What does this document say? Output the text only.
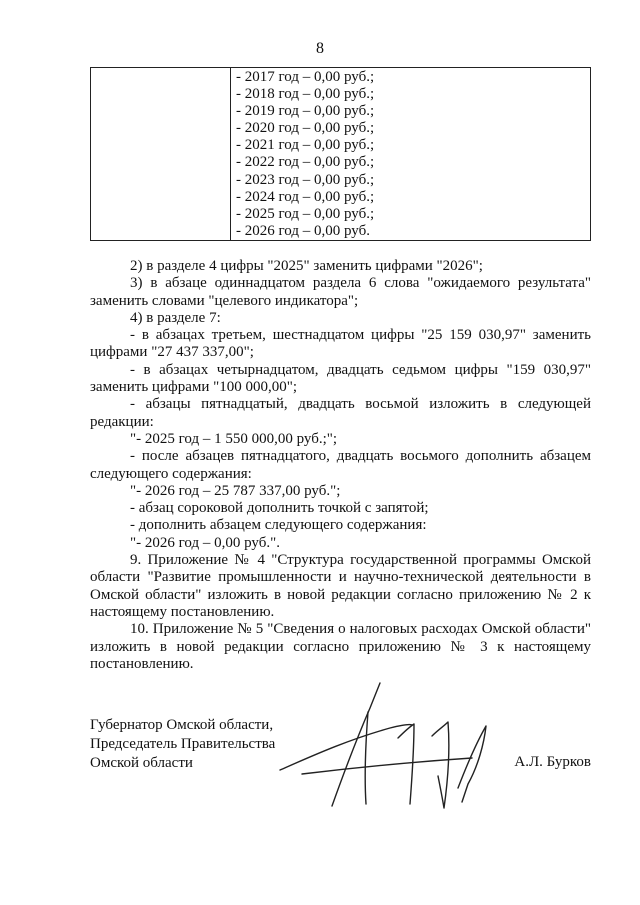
8
- 2017 год – 0,00 руб.;
- 2018 год – 0,00 руб.;
- 2019 год – 0,00 руб.;
- 2020 год – 0,00 руб.;
- 2021 год – 0,00 руб.;
- 2022 год – 0,00 руб.;
- 2023 год – 0,00 руб.;
- 2024 год – 0,00 руб.;
- 2025 год – 0,00 руб.;
- 2026 год – 0,00 руб.

2) в разделе 4 цифры "2025" заменить цифрами "2026";

3) в абзаце одиннадцатом раздела 6 слова "ожидаемого результата" заменить словами "целевого индикатора";

4) в разделе 7:

- в абзацах третьем, шестнадцатом цифры "25 159 030,97" заменить цифрами "27 437 337,00";

- в абзацах четырнадцатом, двадцать седьмом цифры "159 030,97" заменить цифрами "100 000,00";

- абзацы пятнадцатый, двадцать восьмой изложить в следующей редакции:

"- 2025 год – 1 550 000,00 руб.;";

- после абзацев пятнадцатого, двадцать восьмого дополнить абзацем следующего содержания:

"- 2026 год – 25 787 337,00 руб.";

- абзац сороковой дополнить точкой с запятой;

- дополнить абзацем следующего содержания:

"- 2026 год – 0,00 руб.".

9. Приложение № 4 "Структура государственной программы Омской области "Развитие промышленности и научно-технической деятельности в Омской области" изложить в новой редакции согласно приложению № 2 к настоящему постановлению.

10. Приложение № 5 "Сведения о налоговых расходах Омской области" изложить в новой редакции согласно приложению № 3 к настоящему постановлению.

Губернатор Омской области,
Председатель Правительства
Омской области	А.Л. Бурков
